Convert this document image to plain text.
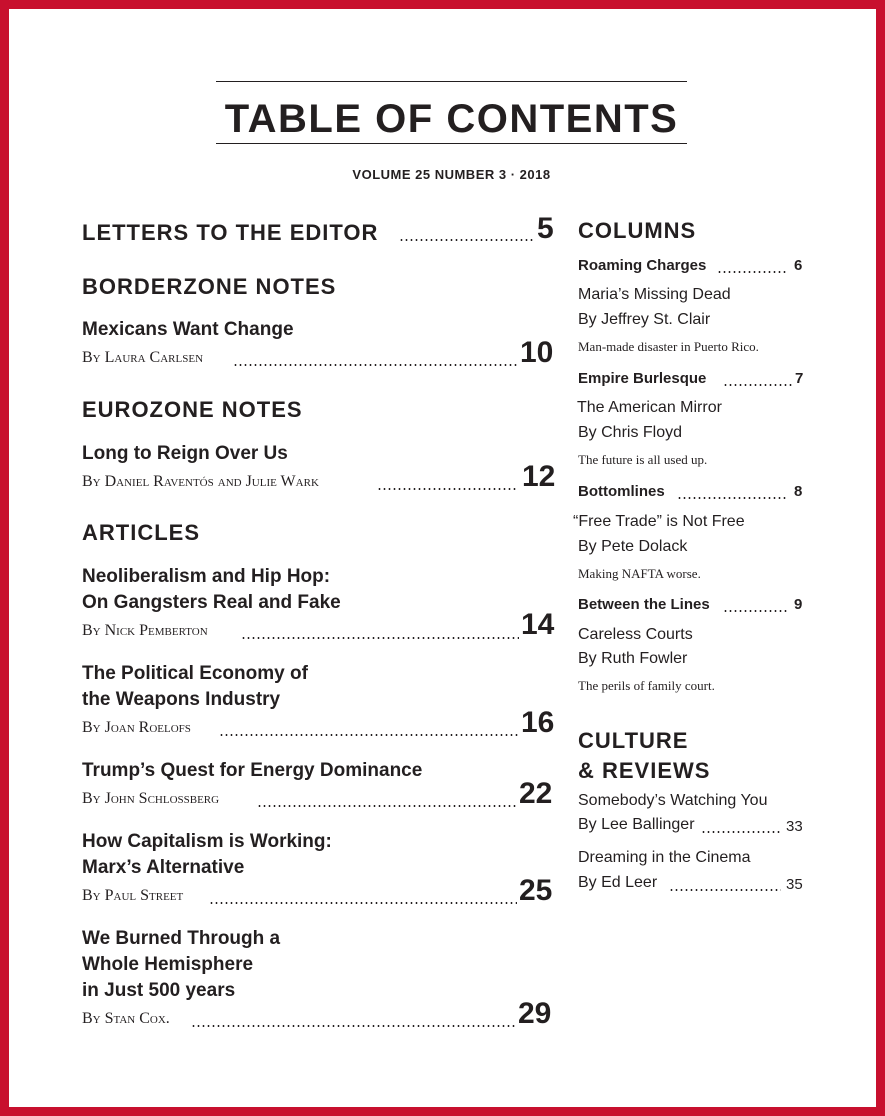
TABLE OF CONTENTS
VOLUME 25 NUMBER 3 · 2018
LETTERS TO THE EDITOR	5
BORDERZONE NOTES
Mexicans Want Change
By Laura Carlsen	10
EUROZONE NOTES
Long to Reign Over Us
By Daniel Raventós and Julie Wark	12
ARTICLES
Neoliberalism and Hip Hop:
On Gangsters Real and Fake
By Nick Pemberton	14
The Political Economy of
the Weapons Industry
By Joan Roelofs	16
Trump’s Quest for Energy Dominance
By John Schlossberg	22
How Capitalism is Working:
Marx’s Alternative
By Paul Street	25
We Burned Through a
Whole Hemisphere
in Just 500 years
By Stan Cox.	29
COLUMNS
Roaming Charges	6
Maria’s Missing Dead
By Jeffrey St. Clair
Man-made disaster in Puerto Rico.
Empire Burlesque	7
The American Mirror
By Chris Floyd
The future is all used up.
Bottomlines	8
“Free Trade” is Not Free
By Pete Dolack
Making NAFTA worse.
Between the Lines	9
Careless Courts
By Ruth Fowler
The perils of family court.
CULTURE
& REVIEWS
Somebody’s Watching You
By Lee Ballinger	33
Dreaming in the Cinema
By Ed Leer	35
